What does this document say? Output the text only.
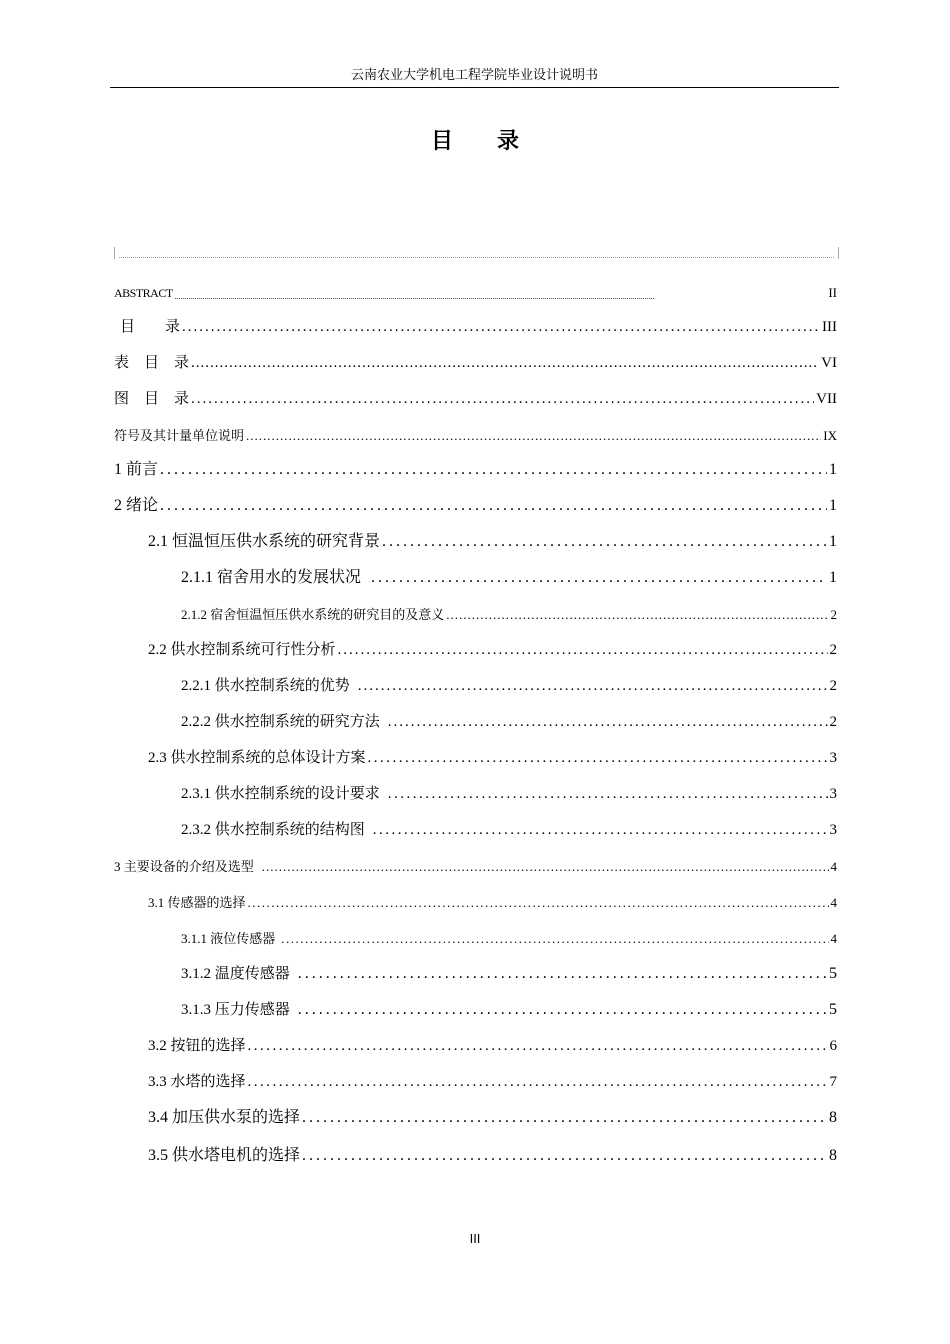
云南农业大学机电工程学院毕业设计说明书
目录
ABSTRACT .....	II
目　　录 .....	III
表　目　录 .....	VI
图　目　录 .....	VII
符号及其计量单位说明 .....	IX
1 前言 .....	1
2 绪论 .....	1
2.1 恒温恒压供水系统的研究背景 .....	1
2.1.1 宿舍用水的发展状况 .....	1
2.1.2 宿舍恒温恒压供水系统的研究目的及意义 .....	2
2.2 供水控制系统可行性分析 .....	2
2.2.1 供水控制系统的优势 .....	2
2.2.2 供水控制系统的研究方法 .....	2
2.3 供水控制系统的总体设计方案 .....	3
2.3.1 供水控制系统的设计要求 .....	3
2.3.2 供水控制系统的结构图 .....	3
3 主要设备的介绍及选型 .....	4
3.1 传感器的选择 .....	4
3.1.1 液位传感器 .....	4
3.1.2 温度传感器 .....	5
3.1.3 压力传感器 .....	5
3.2 按钮的选择 .....	6
3.3 水塔的选择 .....	7
3.4 加压供水泵的选择 .....	8
3.5 供水塔电机的选择 .....	8
III
